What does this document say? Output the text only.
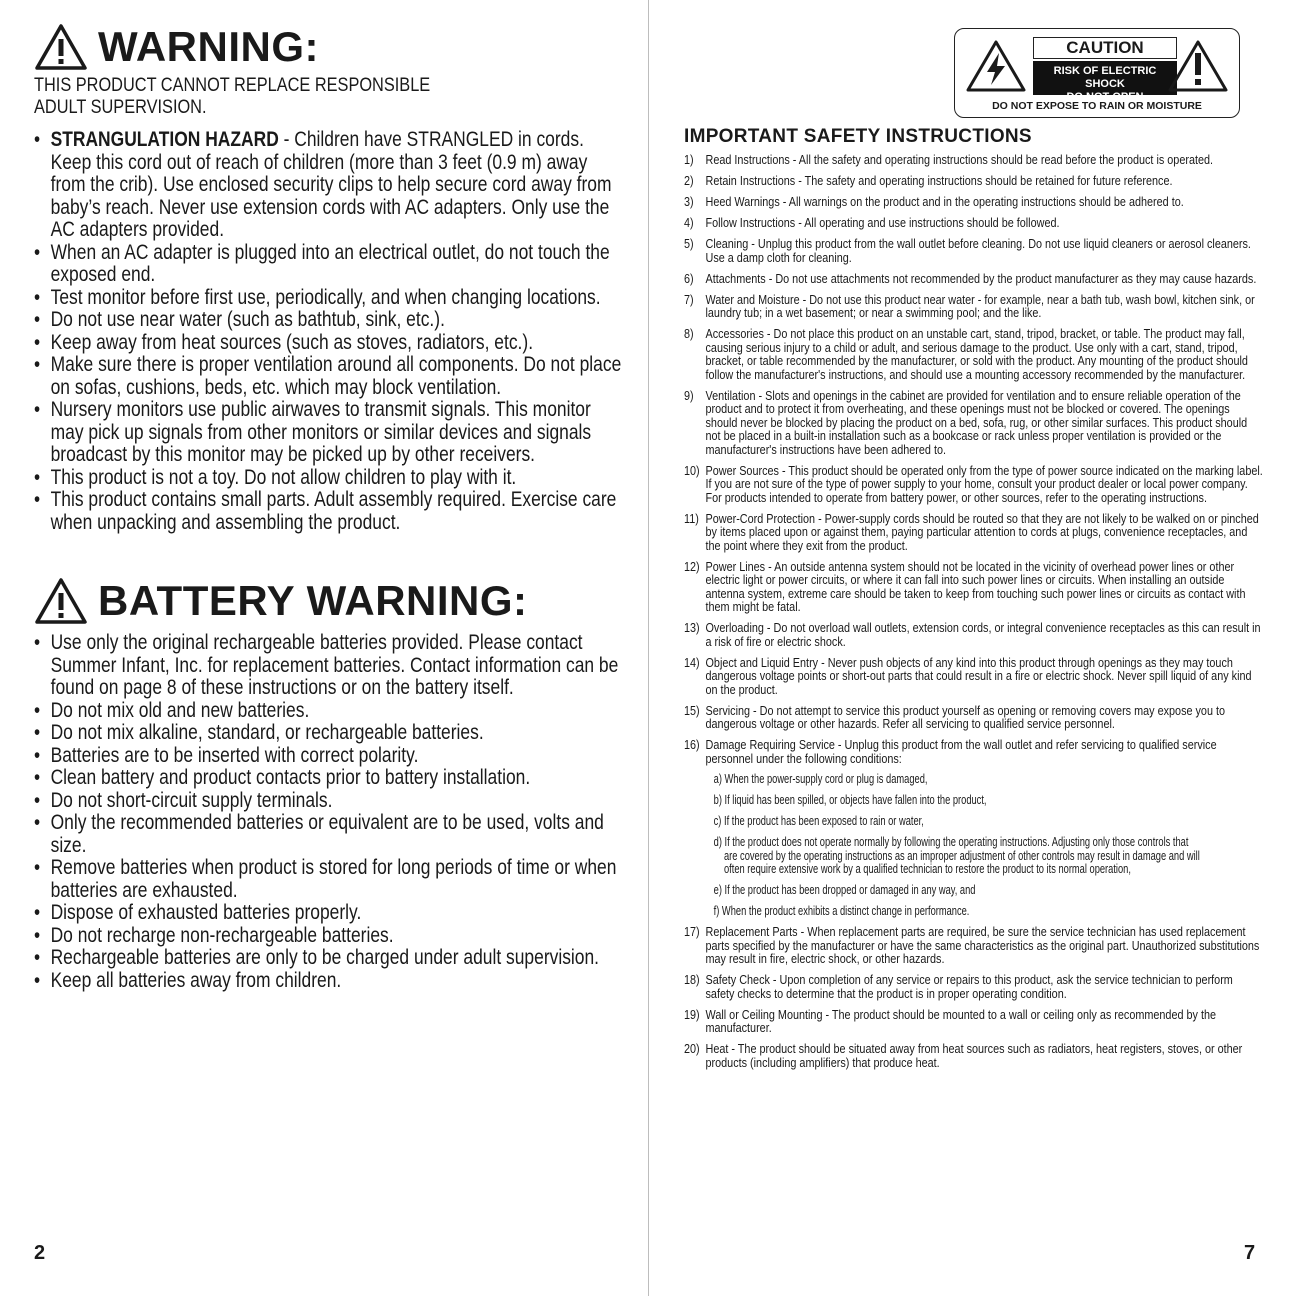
WARNING:
THIS PRODUCT CANNOT REPLACE RESPONSIBLE
ADULT SUPERVISION.
• STRANGULATION HAZARD - Children have STRANGLED in cords. Keep this cord out of reach of children (more than 3 feet (0.9 m) away from the crib). Use enclosed security clips to help secure cord away from baby’s reach. Never use extension cords with AC adapters. Only use the AC adapters provided.
• When an AC adapter is plugged into an electrical outlet, do not touch the exposed end.
• Test monitor before first use, periodically, and when changing locations.
• Do not use near water (such as bathtub, sink, etc.).
• Keep away from heat sources (such as stoves, radiators, etc.).
• Make sure there is proper ventilation around all components. Do not place on sofas, cushions, beds, etc. which may block ventilation.
• Nursery monitors use public airwaves to transmit signals. This monitor may pick up signals from other monitors or similar devices and signals broadcast by this monitor may be picked up by other receivers.
• This product is not a toy. Do not allow children to play with it.
• This product contains small parts. Adult assembly required. Exercise care when unpacking and assembling the product.
BATTERY WARNING:
• Use only the original rechargeable batteries provided. Please contact Summer Infant, Inc. for replacement batteries. Contact information can be found on page 8 of these instructions or on the battery itself.
• Do not mix old and new batteries.
• Do not mix alkaline, standard, or rechargeable batteries.
• Batteries are to be inserted with correct polarity.
• Clean battery and product contacts prior to battery installation.
• Do not short-circuit supply terminals.
• Only the recommended batteries or equivalent are to be used, volts and size.
• Remove batteries when product is stored for long periods of time or when batteries are exhausted.
• Dispose of exhausted batteries properly.
• Do not recharge non-rechargeable batteries.
• Rechargeable batteries are only to be charged under adult supervision.
• Keep all batteries away from children.
2
CAUTION
RISK OF ELECTRIC SHOCK
DO NOT OPEN
DO NOT EXPOSE TO RAIN OR MOISTURE
IMPORTANT SAFETY INSTRUCTIONS
1) Read Instructions - All the safety and operating instructions should be read before the product is operated.
2) Retain Instructions - The safety and operating instructions should be retained for future reference.
3) Heed Warnings - All warnings on the product and in the operating instructions should be adhered to.
4) Follow Instructions - All operating and use instructions should be followed.
5) Cleaning - Unplug this product from the wall outlet before cleaning. Do not use liquid cleaners or aerosol cleaners. Use a damp cloth for cleaning.
6) Attachments - Do not use attachments not recommended by the product manufacturer as they may cause hazards.
7) Water and Moisture - Do not use this product near water - for example, near a bath tub, wash bowl, kitchen sink, or laundry tub; in a wet basement; or near a swimming pool; and the like.
8) Accessories - Do not place this product on an unstable cart, stand, tripod, bracket, or table. The product may fall, causing serious injury to a child or adult, and serious damage to the product. Use only with a cart, stand, tripod, bracket, or table recommended by the manufacturer, or sold with the product. Any mounting of the product should follow the manufacturer's instructions, and should use a mounting accessory recommended by the manufacturer.
9) Ventilation - Slots and openings in the cabinet are provided for ventilation and to ensure reliable operation of the product and to protect it from overheating, and these openings must not be blocked or covered. The openings should never be blocked by placing the product on a bed, sofa, rug, or other similar surfaces. This product should not be placed in a built-in installation such as a bookcase or rack unless proper ventilation is provided or the manufacturer's instructions have been adhered to.
10) Power Sources - This product should be operated only from the type of power source indicated on the marking label. If you are not sure of the type of power supply to your home, consult your product dealer or local power company. For products intended to operate from battery power, or other sources, refer to the operating instructions.
11) Power-Cord Protection - Power-supply cords should be routed so that they are not likely to be walked on or pinched by items placed upon or against them, paying particular attention to cords at plugs, convenience receptacles, and the point where they exit from the product.
12) Power Lines - An outside antenna system should not be located in the vicinity of overhead power lines or other electric light or power circuits, or where it can fall into such power lines or circuits. When installing an outside antenna system, extreme care should be taken to keep from touching such power lines or circuits as contact with them might be fatal.
13) Overloading - Do not overload wall outlets, extension cords, or integral convenience receptacles as this can result in a risk of fire or electric shock.
14) Object and Liquid Entry - Never push objects of any kind into this product through openings as they may touch dangerous voltage points or short-out parts that could result in a fire or electric shock. Never spill liquid of any kind on the product.
15) Servicing - Do not attempt to service this product yourself as opening or removing covers may expose you to dangerous voltage or other hazards. Refer all servicing to qualified service personnel.
16) Damage Requiring Service - Unplug this product from the wall outlet and refer servicing to qualified service personnel under the following conditions:
a) When the power-supply cord or plug is damaged,
b) If liquid has been spilled, or objects have fallen into the product,
c) If the product has been exposed to rain or water,
d) If the product does not operate normally by following the operating instructions. Adjusting only those controls that are covered by the operating instructions as an improper adjustment of other controls may result in damage and will often require extensive work by a qualified technician to restore the product to its normal operation,
e) If the product has been dropped or damaged in any way, and
f) When the product exhibits a distinct change in performance.
17) Replacement Parts - When replacement parts are required, be sure the service technician has used replacement parts specified by the manufacturer or have the same characteristics as the original part. Unauthorized substitutions may result in fire, electric shock, or other hazards.
18) Safety Check - Upon completion of any service or repairs to this product, ask the service technician to perform safety checks to determine that the product is in proper operating condition.
19) Wall or Ceiling Mounting - The product should be mounted to a wall or ceiling only as recommended by the manufacturer.
20) Heat - The product should be situated away from heat sources such as radiators, heat registers, stoves, or other products (including amplifiers) that produce heat.
7
